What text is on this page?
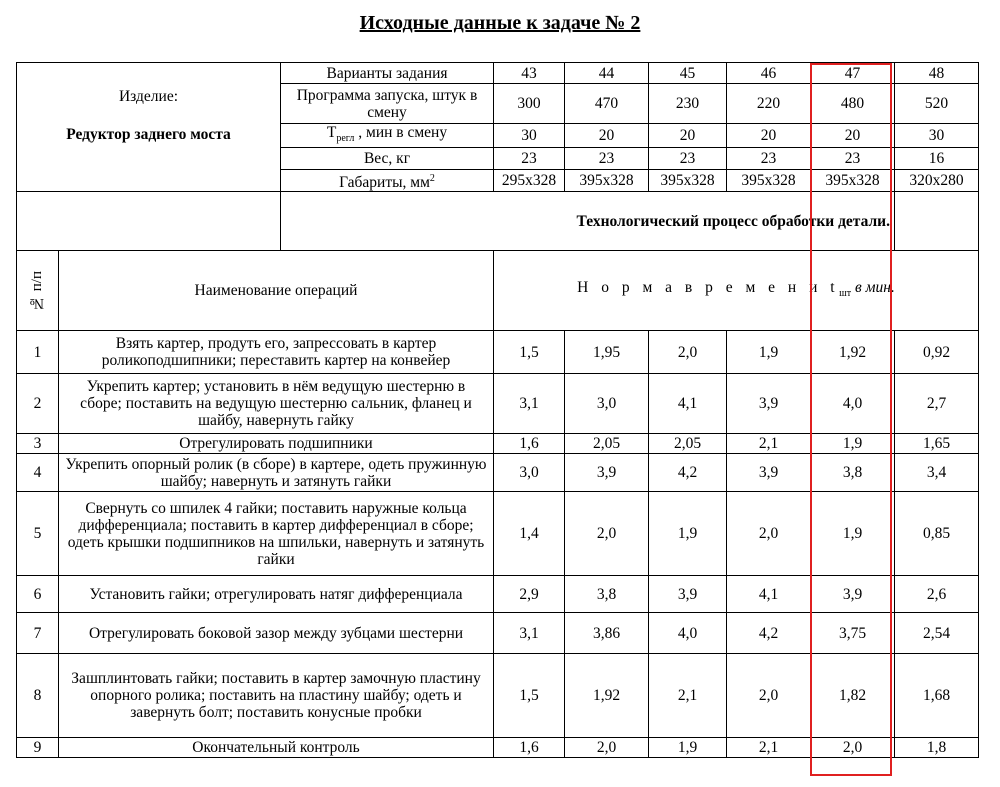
Исходные данные к задаче № 2
Изделие:
Редуктор заднего моста		Варианты задания	43	44	45	46	47	48
		Программа запуска, штук в смену	300	470	230	220	480	520
		$T_{регл}$ , мин в смену	30	20	20	20	20	30
		Вес, кг	23	23	23	23	23	16
		Габариты, $мм^2$	295x328	395x328	395x328	395x328	395x328	320x280
		Технологический процесс обработки детали.						

№ п/п	Наименование операций		Н о р м а в р е м е н и $t_{шт}$ в мин.					
1	Взять картер, продуть его, запрессовать в картер роликоподшипники; переставить картер на конвейер		1,5	1,95	2,0	1,9	1,92	0,92
2	Укрепить картер; установить в нём ведущую шестерню в сборе; поставить на ведущую шестерню сальник, фланец и шайбу, навернуть гайку		3,1	3,0	4,1	3,9	4,0	2,7
3	Отрегулировать подшипники		1,6	2,05	2,05	2,1	1,9	1,65
4	Укрепить опорный ролик (в сборе) в картере, одеть пружинную шайбу; навернуть и затянуть гайки		3,0	3,9	4,2	3,9	3,8	3,4
5	Свернуть со шпилек 4 гайки; поставить наружные кольца дифференциала; поставить в картер дифференциал в сборе; одеть крышки подшипников на шпильки, навернуть и затянуть гайки		1,4	2,0	1,9	2,0	1,9	0,85
6	Установить гайки; отрегулировать натяг дифференциала		2,9	3,8	3,9	4,1	3,9	2,6
7	Отрегулировать боковой зазор между зубцами шестерни		3,1	3,86	4,0	4,2	3,75	2,54
8	Зашплинтовать гайки; поставить в картер замочную пластину опорного ролика; поставить на пластину шайбу; одеть и завернуть болт; поставить конусные пробки		1,5	1,92	2,1	2,0	1,82	1,68
9	Окончательный контроль		1,6	2,0	1,9	2,1	2,0	1,8
